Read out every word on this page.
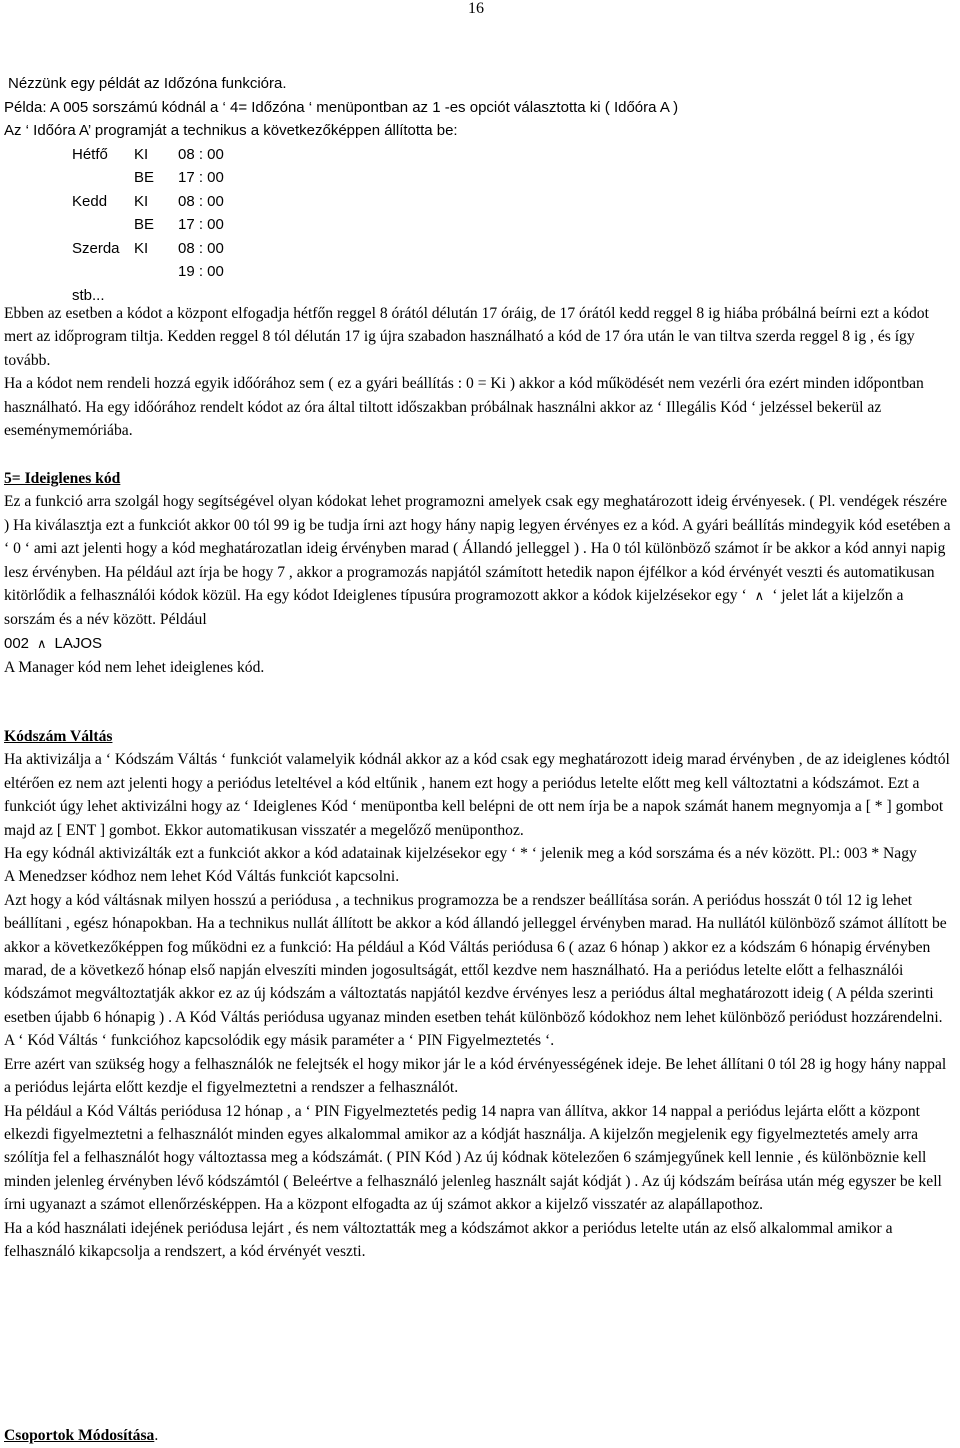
16
Nézzünk egy példát az Időzóna funkcióra.
Példa: A 005 sorszámú kódnál a ‘ 4= Időzóna ‘ menüpontban az 1 -es opciót választotta ki ( Időóra A )
Az ‘ Időóra A’ programját a technikus a következőképpen állította be:
Hétfő KI 08 : 00
BE 17 : 00
Kedd KI 08 : 00
BE 17 : 00
Szerda KI 08 : 00
19 : 00
stb...

Ebben az esetben a kódot a központ elfogadja hétfőn reggel 8 órától délután 17 óráig, de 17 órától kedd reggel 8 ig hiába próbálná beírni ezt a kódot mert az időprogram tiltja. Kedden reggel 8 tól délután 17 ig újra szabadon használható a kód de 17 óra után le van tiltva szerda reggel 8 ig , és így tovább.

Ha a kódot nem rendeli hozzá egyik időórához sem ( ez a gyári beállítás : 0 = Ki ) akkor a kód működését nem vezérli óra ezért minden időpontban használható. Ha egy időórához rendelt kódot az óra által tiltott időszakban próbálnak használni akkor az ‘ Illegális Kód ‘ jelzéssel bekerül az eseménymemóriába.

5= Ideiglenes kód

Ez a funkció arra szolgál hogy segítségével olyan kódokat lehet programozni amelyek csak egy meghatározott ideig érvényesek. ( Pl. vendégek részére ) Ha kiválasztja ezt a funkciót akkor 00 tól 99 ig be tudja írni azt hogy hány napig legyen érvényes ez a kód. A gyári beállítás mindegyik kód esetében a ‘ 0 ‘ ami azt jelenti hogy a kód meghatározatlan ideig érvényben marad ( Állandó jelleggel ) . Ha 0 tól különböző számot ír be akkor a kód annyi napig lesz érvényben. Ha például azt írja be hogy 7 , akkor a programozás napjától számított hetedik napon éjfélkor a kód érvényét veszti és automatikusan kitörlődik a felhasználói kódok közül. Ha egy kódot Ideiglenes típusúra programozott akkor a kódok kijelzésekor egy ‘ ∧ ‘ jelet lát a kijelzőn a sorszám és a név között. Például

002 ∧ LAJOS

A Manager kód nem lehet ideiglenes kód.

Kódszám Váltás

Ha aktivizálja a ‘ Kódszám Váltás ‘ funkciót valamelyik kódnál akkor az a kód csak egy meghatározott ideig marad érvényben , de az ideiglenes kódtól eltérően ez nem azt jelenti hogy a periódus leteltével a kód eltűnik , hanem ezt hogy a periódus letelte előtt meg kell változtatni a kódszámot. Ezt a funkciót úgy lehet aktivizálni hogy az ‘ Ideiglenes Kód ‘ menüpontba kell belépni de ott nem írja be a napok számát hanem megnyomja a [ * ] gombot majd az [ ENT ] gombot. Ekkor automatikusan visszatér a megelőző menüponthoz.

Ha egy kódnál aktivizálták ezt a funkciót akkor a kód adatainak kijelzésekor egy ‘ * ‘ jelenik meg a kód sorszáma és a név között. Pl.: 003 * Nagy

A Menedzser kódhoz nem lehet Kód Váltás funkciót kapcsolni.

Azt hogy a kód váltásnak milyen hosszú a periódusa , a technikus programozza be a rendszer beállítása során. A periódus hosszát 0 tól 12 ig lehet beállítani , egész hónapokban. Ha a technikus nullát állított be akkor a kód állandó jelleggel érvényben marad. Ha nullától különböző számot állított be akkor a következőképpen fog működni ez a funkció: Ha például a Kód Váltás periódusa 6 ( azaz 6 hónap ) akkor ez a kódszám 6 hónapig érvényben marad, de a következő hónap első napján elveszíti minden jogosultságát, ettől kezdve nem használható. Ha a periódus letelte előtt a felhasználói kódszámot megváltoztatják akkor ez az új kódszám a változtatás napjától kezdve érvényes lesz a periódus által meghatározott ideig ( A példa szerinti esetben újabb 6 hónapig ) . A Kód Váltás periódusa ugyanaz minden esetben tehát különböző kódokhoz nem lehet különböző periódust hozzárendelni.

A ‘ Kód Váltás ‘ funkcióhoz kapcsolódik egy másik paraméter a ‘ PIN Figyelmeztetés ‘.

Erre azért van szükség hogy a felhasználók ne felejtsék el hogy mikor jár le a kód érvényességének ideje. Be lehet állítani 0 tól 28 ig hogy hány nappal a periódus lejárta előtt kezdje el figyelmeztetni a rendszer a felhasználót.

Ha például a Kód Váltás periódusa 12 hónap , a ‘ PIN Figyelmeztetés pedig 14 napra van állítva, akkor 14 nappal a periódus lejárta előtt a központ elkezdi figyelmeztetni a felhasználót minden egyes alkalommal amikor az a kódját használja. A kijelzőn megjelenik egy figyelmeztetés amely arra szólítja fel a felhasználót hogy változtassa meg a kódszámát. ( PIN Kód ) Az új kódnak kötelezően 6 számjegyűnek kell lennie , és különböznie kell minden jelenleg érvényben lévő kódszámtól ( Beleértve a felhasználó jelenleg használt saját kódját ) . Az új kódszám beírása után még egyszer be kell írni ugyanazt a számot ellenőrzésképpen. Ha a központ elfogadta az új számot akkor a kijelző visszatér az alapállapothoz.

Ha a kód használati idejének periódusa lejárt , és nem változtatták meg a kódszámot akkor a periódus letelte után az első alkalommal amikor a felhasználó kikapcsolja a rendszert, a kód érvényét veszti.

Csoportok Módosítása.
